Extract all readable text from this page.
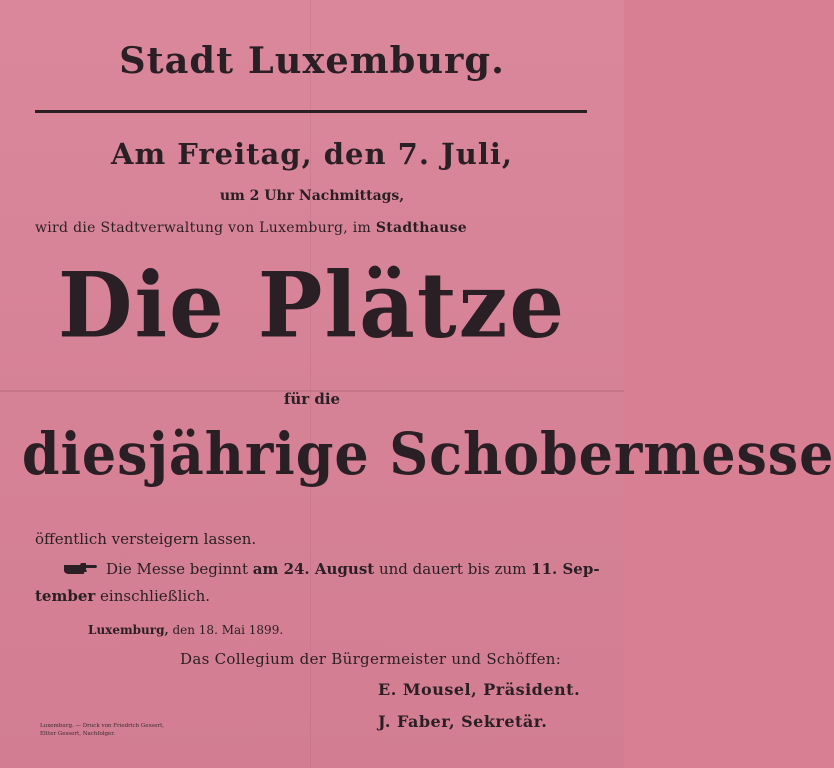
Stadt Luxemburg.
Am Freitag, den 7. Juli,
um 2 Uhr Nachmittags,
wird die Stadtverwaltung von Luxemburg, im Stadthause
Die Plätze
für die
diesjährige Schobermesse
öffentlich versteigern lassen.
Die Messe beginnt am 24. August und dauert bis zum 11. Sep-
tember einschließlich.
Luxemburg, den 18. Mai 1899.
Das Collegium der Bürgermeister und Schöffen:
E. Mousel, Präsident.
J. Faber, Sekretär.
Luxemburg. — Druck von Friedrich Gessert,
Eltter Gessert, Nachfolger.
